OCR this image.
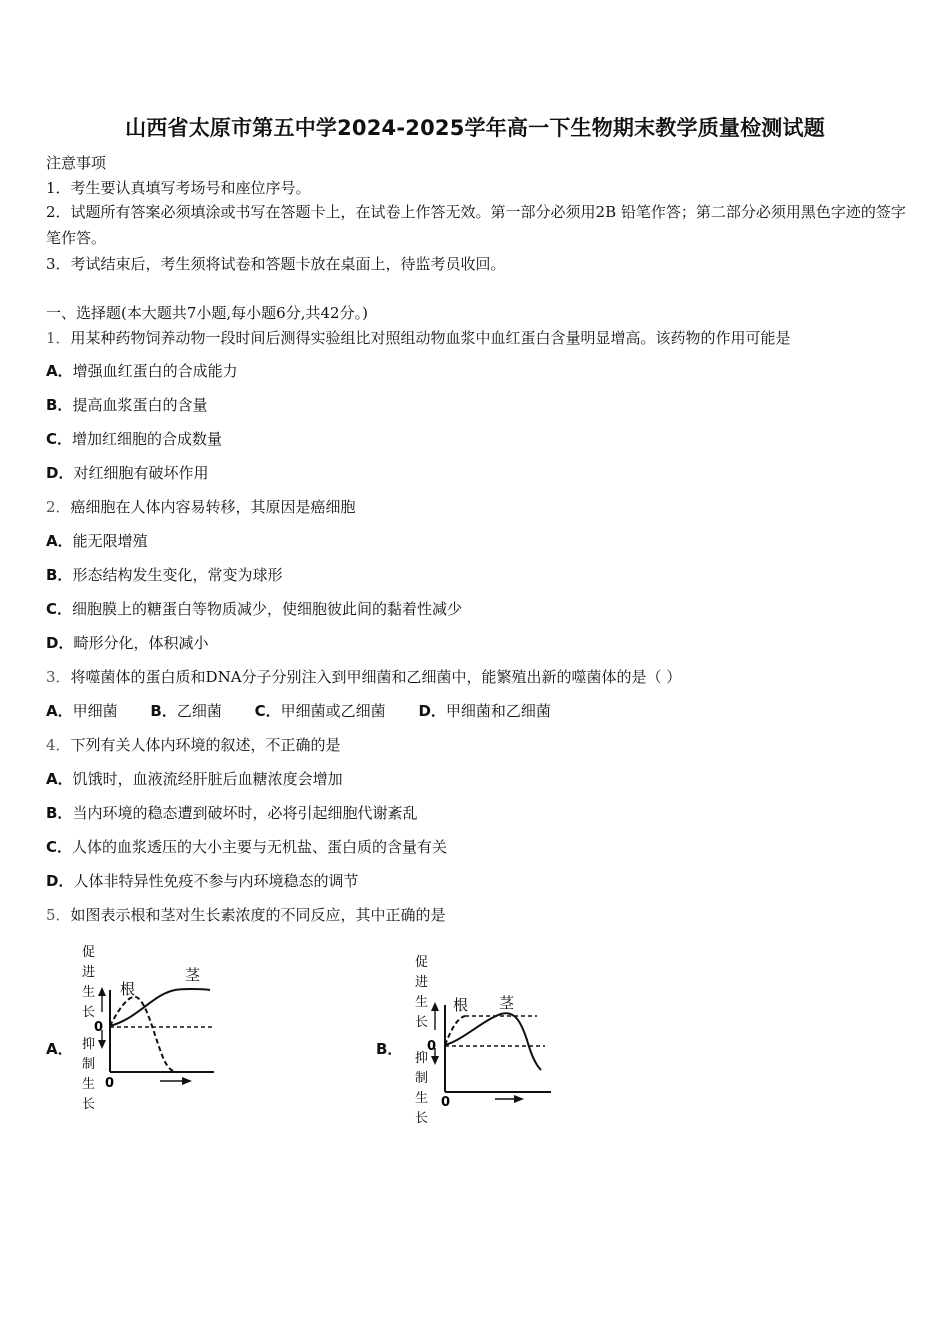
山西省太原市第五中学2024-2025学年高一下生物期末教学质量检测试题
注意事项
1．考生要认真填写考场号和座位序号。
2．试题所有答案必须填涂或书写在答题卡上，在试卷上作答无效。第一部分必须用2B 铅笔作答；第二部分必须用黑色字迹的签字笔作答。
3．考试结束后，考生须将试卷和答题卡放在桌面上，待监考员收回。
一、选择题(本大题共7小题,每小题6分,共42分。)
1．用某种药物饲养动物一段时间后测得实验组比对照组动物血浆中血红蛋白含量明显增高。该药物的作用可能是
A．增强血红蛋白的合成能力
B．提高血浆蛋白的含量
C．增加红细胞的合成数量
D．对红细胞有破坏作用
2．癌细胞在人体内容易转移，其原因是癌细胞
A．能无限增殖
B．形态结构发生变化，常变为球形
C．细胞膜上的糖蛋白等物质减少，使细胞彼此间的黏着性减少
D．畸形分化，体积减小
3．将噬菌体的蛋白质和DNA分子分别注入到甲细菌和乙细菌中，能繁殖出新的噬菌体的是（ ）
A．甲细菌 B．乙细菌 C．甲细菌或乙细菌 D．甲细菌和乙细菌
4．下列有关人体内环境的叙述，不正确的是
A．饥饿时，血液流经肝脏后血糖浓度会增加
B．当内环境的稳态遭到破坏时，必将引起细胞代谢紊乱
C．人体的血浆透压的大小主要与无机盐、蛋白质的含量有关
D．人体非特异性免疫不参与内环境稳态的调节
5．如图表示根和茎对生长素浓度的不同反应，其中正确的是
A．	B．
促
进
生
长
0
抑
制
生
长
0
根
茎
促
进
生
长
0
抑
制
生
长
0
根 茎
